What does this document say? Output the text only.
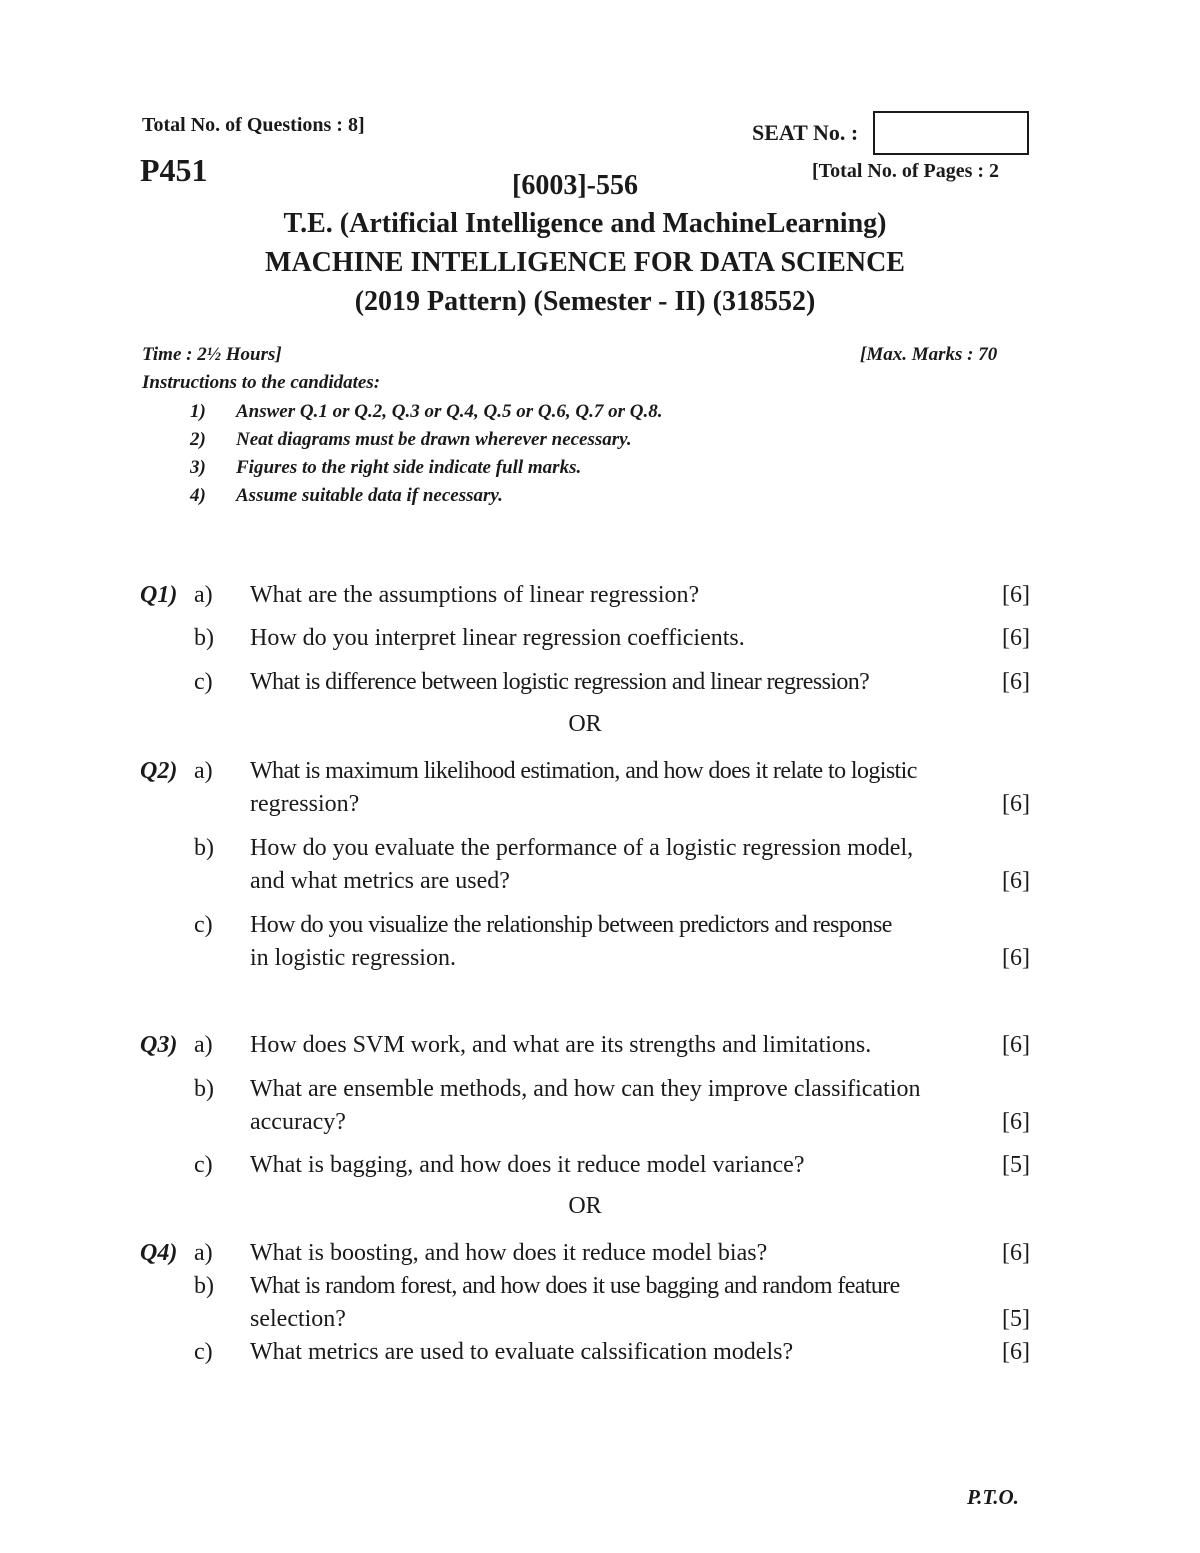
Total No. of Questions : 8]	SEAT No. :
P451	[6003]-556	[Total No. of Pages : 2
T.E. (Artificial Intelligence and MachineLearning)
MACHINE INTELLIGENCE FOR DATA SCIENCE
(2019 Pattern) (Semester - II) (318552)
Time : 2½ Hours]	[Max. Marks : 70
Instructions to the candidates:
1)	Answer Q.1 or Q.2, Q.3 or Q.4, Q.5 or Q.6, Q.7 or Q.8.
2)	Neat diagrams must be drawn wherever necessary.
3)	Figures to the right side indicate full marks.
4)	Assume suitable data if necessary.
Q1) a)	What are the assumptions of linear regression?	[6]
b)	How do you interpret linear regression coefficients.	[6]
c)	What is difference between logistic regression and linear regression?	[6]
OR
Q2) a)	What is maximum likelihood estimation, and how does it relate to logistic
regression?	[6]
b)	How do you evaluate the performance of a logistic regression model,
and what metrics are used?	[6]
c)	How do you visualize the relationship between predictors and response
in logistic regression.	[6]
Q3) a)	How does SVM work, and what are its strengths and limitations.	[6]
b)	What are ensemble methods, and how can they improve classification
accuracy?	[6]
c)	What is bagging, and how does it reduce model variance?	[5]
OR
Q4) a)	What is boosting, and how does it reduce model bias?	[6]
b)	What is random forest, and how does it use bagging and random feature
selection?	[5]
c)	What metrics are used to evaluate calssification models?	[6]
P.T.O.
